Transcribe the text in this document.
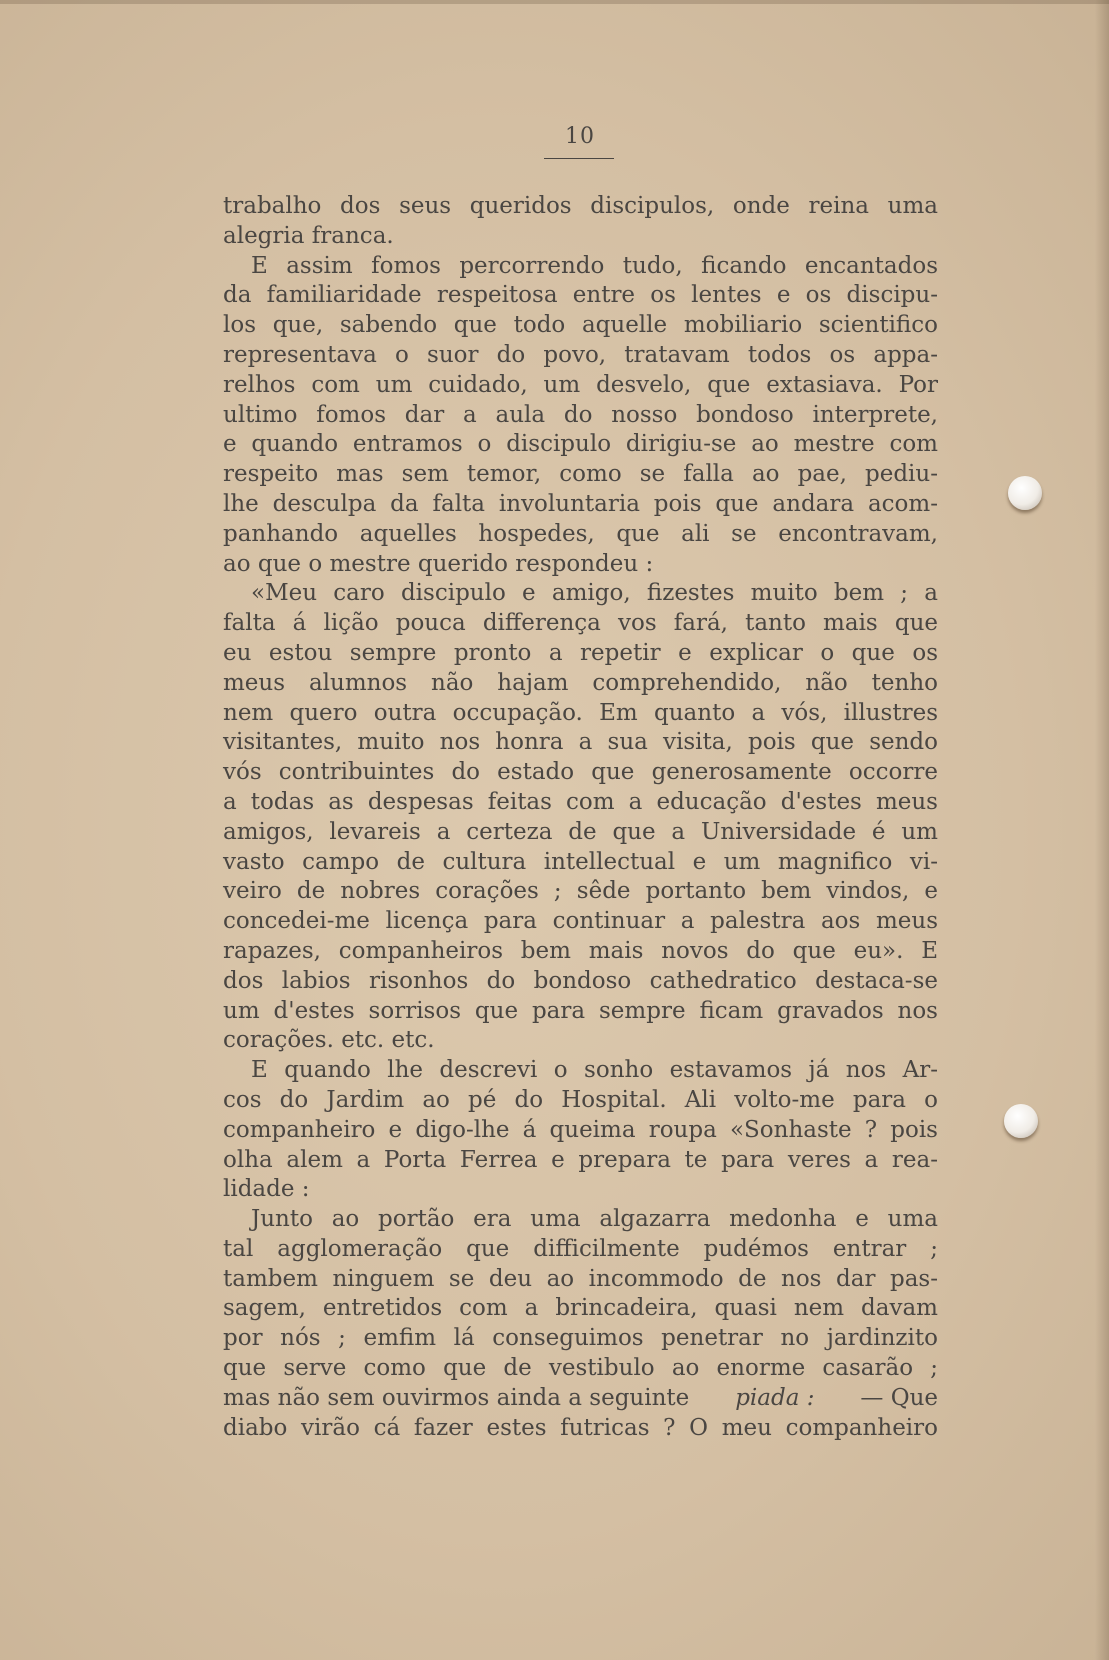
10
trabalho dos seus queridos discipulos, onde reina uma
alegria franca.
E assim fomos percorrendo tudo, ficando encantados
da familiaridade respeitosa entre os lentes e os discipu-
los que, sabendo que todo aquelle mobiliario scientifico
representava o suor do povo, tratavam todos os appa-
relhos com um cuidado, um desvelo, que extasiava. Por
ultimo fomos dar a aula do nosso bondoso interprete,
e quando entramos o discipulo dirigiu-se ao mestre com
respeito mas sem temor, como se falla ao pae, pediu-
lhe desculpa da falta involuntaria pois que andara acom-
panhando aquelles hospedes, que ali se encontravam,
ao que o mestre querido respondeu :
«Meu caro discipulo e amigo, fizestes muito bem ; a
falta á lição pouca differença vos fará, tanto mais que
eu estou sempre pronto a repetir e explicar o que os
meus alumnos não hajam comprehendido, não tenho
nem quero outra occupação. Em quanto a vós, illustres
visitantes, muito nos honra a sua visita, pois que sendo
vós contribuintes do estado que generosamente occorre
a todas as despesas feitas com a educação d'estes meus
amigos, levareis a certeza de que a Universidade é um
vasto campo de cultura intellectual e um magnifico vi-
veiro de nobres corações ; sêde portanto bem vindos, e
concedei-me licença para continuar a palestra aos meus
rapazes, companheiros bem mais novos do que eu». E
dos labios risonhos do bondoso cathedratico destaca-se
um d'estes sorrisos que para sempre ficam gravados nos
corações. etc. etc.
E quando lhe descrevi o sonho estavamos já nos Ar-
cos do Jardim ao pé do Hospital. Ali volto-me para o
companheiro e digo-lhe á queima roupa «Sonhaste ? pois
olha alem a Porta Ferrea e prepara te para veres a rea-
lidade :
Junto ao portão era uma algazarra medonha e uma
tal agglomeração que difficilmente pudémos entrar ;
tambem ninguem se deu ao incommodo de nos dar pas-
sagem, entretidos com a brincadeira, quasi nem davam
por nós ; emfim lá conseguimos penetrar no jardinzito
que serve como que de vestibulo ao enorme casarão ;
mas não sem ouvirmos ainda a seguinte piada : — Que
diabo virão cá fazer estes futricas ? O meu companheiro
